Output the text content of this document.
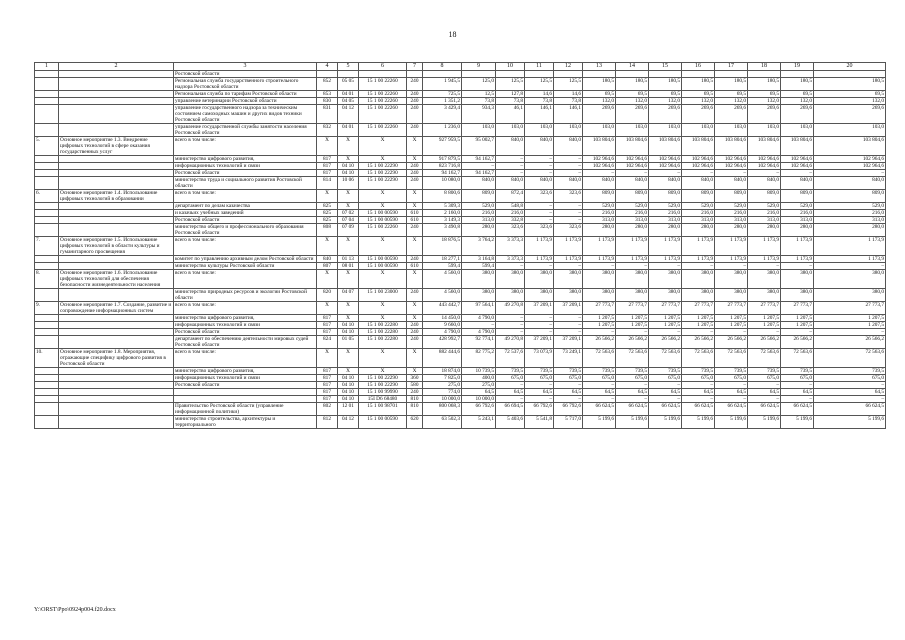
18
1	2	3	4	5	6	7	8	9	10	11	12	13	14	15	16	17	18	19	20
		Ростовской области																	
		Региональная служба государственного строительного надзора Ростовской области	852	05 05	15 1 00 22260	240	1 945,5	125,0	125,5	125,5	125,5	180,5	180,5	180,5	180,5	180,5	180,5	180,5	180,5
		Региональная служба по тарифам Ростовской области	853	04 01	15 1 00 22260	240	725,5	12,5	127,8	14,6	14,6	69,5	69,5	69,5	69,5	69,5	69,5	69,5	69,5
		управление ветеринарии Ростовской области	830	04 05	15 1 00 22260	240	1 351,2	73,8	73,8	73,8	73,8	132,0	132,0	132,0	132,0	132,0	132,0	132,0	132,0
		управление государственного надзора за техническим состоянием самоходных машин и других видов техники Ростовской области	831	04 12	15 1 00 22260	240	3 429,4	934,3	46,1	146,1	146,1	269,6	269,6	269,6	269,6	269,6	269,6	269,6	269,6
		управление государственной службы занятости населения Ростовской области	832	04 01	15 1 00 22260	240	1 236,0	103,0	103,0	103,0	103,0	103,0	103,0	103,0	103,0	103,0	103,0	103,0	103,0
5.	Основное мероприятие 1.3. Внедрение цифровых технологий в сфере оказания государственных услуг	всего в том числе:	X	X	X	X	927 959,5	95 002,7	840,0	840,0	840,0	103 804,6	103 804,6	103 804,6	103 804,6	103 804,6	103 804,6	103 804,6	103 804,6
		министерство цифрового развития,	817	X	X	X	917 879,5	94 162,7	–	–	–	102 964,6	102 964,6	102 964,6	102 964,6	102 964,6	102 964,6	102 964,6	102 964,6
		информационных технологий и связи	817	04 10	15 1 00 22290	240	823 716,8	–	–	–	–	102 964,6	102 964,6	102 964,6	102 964,6	102 964,6	102 964,6	102 964,6	102 964,6
		Ростовской области	817	04 10	15 1 00 22290	240	94 162,7	94 162,7	–	–	–	–	–	–	–	–	–	–	–
		министерство труда и социального развития Ростовской области	814	10 06	15 1 00 22290	240	10 080,0	840,0	840,0	840,0	840,0	840,0	840,0	840,0	840,0	840,0	840,0	840,0	840,0
6.	Основное мероприятие 1.4. Использование цифровых технологий в образовании	всего в том числе:	X	X	X	X	8 800,6	809,0	872,4	323,6	323,6	809,0	809,0	809,0	809,0	809,0	809,0	809,0	809,0
		департамент по делам казачества	825	X	X	X	5 309,3	529,0	548,8	–	–	529,0	529,0	529,0	529,0	529,0	529,0	529,0	529,0
		и казачьих учебных заведений	825	07 02	15 1 00 00590	610	2 160,0	216,0	216,0	–	–	216,0	216,0	216,0	216,0	216,0	216,0	216,0	216,0
		Ростовской области	825	07 04	15 1 00 00590	610	3 149,3	313,0	332,8	–	–	313,0	313,0	313,0	313,0	313,0	313,0	313,0	313,0
		министерство общего и профессионального образования Ростовской области	808	07 09	15 1 00 22260	240	3 490,8	280,0	323,6	323,6	323,6	280,0	280,0	280,0	280,0	280,0	280,0	280,0	280,0
7.	Основное мероприятие 1.5. Использование цифровых технологий в области культуры и гуманитарного просвещения	всего в том числе:	X	X	X	X	18 876,5	3 764,2	3 373,3	1 173,9	1 173,9	1 173,9	1 173,9	1 173,9	1 173,9	1 173,9	1 173,9	1 173,9	1 173,9
		комитет по управлению архивным делом Ростовской области	840	01 13	15 1 00 00590	240	18 277,1	3 164,8	3 373,3	1 173,9	1 173,9	1 173,9	1 173,9	1 173,9	1 173,9	1 173,9	1 173,9	1 173,9	1 173,9
		министерство культуры Ростовской области	807	08 01	15 1 00 00590	610	599,4	599,4	–	–	–	–	–	–	–	–	–	–	–
8.	Основное мероприятие 1.6. Использование цифровых технологий для обеспечения безопасности жизнедеятельности населения	всего в том числе:	X	X	X	X	4 560,0	380,0	380,0	380,0	380,0	380,0	380,0	380,0	380,0	380,0	380,0	380,0	380,0
		министерство природных ресурсов и экологии Ростовской области	820	04 07	15 1 00 23000	240	4 560,0	380,0	380,0	380,0	380,0	380,0	380,0	380,0	380,0	380,0	380,0	380,0	380,0
9.	Основное мероприятие 1.7. Создание, развитие и сопровождение информационных систем	всего в том числе:	X	X	X	X	443 442,7	97 564,1	49 270,8	37 209,1	37 209,1	27 773,7	27 773,7	27 773,7	27 773,7	27 773,7	27 773,7	27 773,7	27 773,7
		министерство цифрового развития,	817	X	X	X	14 450,0	4 790,0	–	–	–	1 207,5	1 207,5	1 207,5	1 207,5	1 207,5	1 207,5	1 207,5	1 207,5
		информационных технологий и связи	817	04 10	15 1 00 22280	240	9 660,0	–	–	–	–	1 207,5	1 207,5	1 207,5	1 207,5	1 207,5	1 207,5	1 207,5	1 207,5
		Ростовской области	817	04 10	15 1 00 22280	240	4 790,0	4 790,0	–	–	–	–	–	–	–	–	–	–	–
		департамент по обеспечению деятельности мировых судей Ростовской области	824	01 05	15 1 00 22280	240	428 992,7	92 774,1	49 270,8	37 209,1	37 209,1	26 566,2	26 566,2	26 566,2	26 566,2	26 566,2	26 566,2	26 566,2	26 566,2
10.	Основное мероприятие 1.8. Мероприятия, отражающие специфику цифрового развития в Ростовской области	всего в том числе:	X	X	X	X	882 444,6	82 775,2	72 537,6	73 073,9	73 249,1	72 563,6	72 563,6	72 563,6	72 563,6	72 563,6	72 563,6	72 563,6	72 563,6
		министерство цифрового развития,	817	X	X	X	18 874,0	10 739,5	739,5	739,5	739,5	739,5	739,5	739,5	739,5	739,5	739,5	739,5	739,5
		информационных технологий и связи	817	04 10	15 1 00 22290	360	7 825,0	400,0	675,0	675,0	675,0	675,0	675,0	675,0	675,0	675,0	675,0	675,0	675,0
		Ростовской области	817	04 10	15 1 00 22290	580	275,0	275,0	–	–	–	–	–	–	–	–	–	–	–
			817	04 10	15 1 00 99990	240	774,0	64,5	64,5	64,5	64,5	64,5	64,5	64,5	64,5	64,5	64,5	64,5	64,5
			817	04 10	15I D6 68480	810	10 000,0	10 000,0	–	–	–	–	–	–	–	–	–	–	–
		Правительство Ростовской области (управление информационной политики)	802	12 01	15 1 00 98701	810	800 068,3	66 792,6	66 694,5	66 792,6	66 792,6	66 624,5	66 624,5	66 624,5	66 624,5	66 624,5	66 624,5	66 624,5	66 624,5
		министерство строительства, архитектуры и территориального	812	04 12	15 1 00 00590	620	63 502,3	5 243,1	5 403,6	5 541,8	5 717,0	5 199,6	5 199,6	5 199,6	5 199,6	5 199,6	5 199,6	5 199,6	5 199,6
Y:\ORST\Ppo\0924p004.f20.docx
